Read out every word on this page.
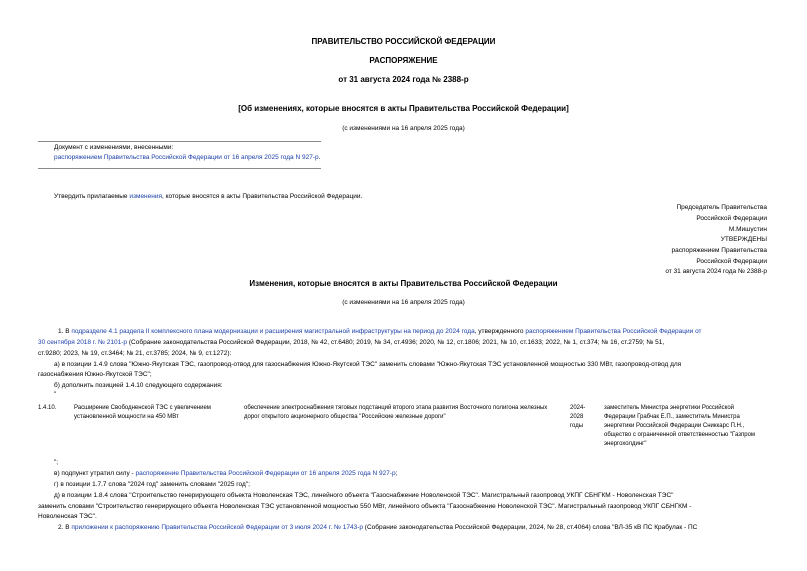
ПРАВИТЕЛЬСТВО РОССИЙСКОЙ ФЕДЕРАЦИИ
РАСПОРЯЖЕНИЕ
от 31 августа 2024 года № 2388-р
[Об изменениях, которые вносятся в акты Правительства Российской Федерации]
(с изменениями на 16 апреля 2025 года)
Документ с изменениями, внесенными:
распоряжением Правительства Российской Федерации от 16 апреля 2025 года N 927-р.
Утвердить прилагаемые изменения, которые вносятся в акты Правительства Российской Федерации.
Председатель Правительства
Российской Федерации
М.Мишустин
УТВЕРЖДЕНЫ
распоряжением Правительства
Российской Федерации
от 31 августа 2024 года № 2388-р
Изменения, которые вносятся в акты Правительства Российской Федерации
(с изменениями на 16 апреля 2025 года)
1. В подразделе 4.1 раздела II комплексного плана модернизации и расширения магистральной инфраструктуры на период до 2024 года, утвержденного распоряжением Правительства Российской Федерации от
30 сентября 2018 г. № 2101-р (Собрание законодательства Российской Федерации, 2018, № 42, ст.6480; 2019, № 34, ст.4936; 2020, № 12, ст.1806; 2021, № 10, ст.1633; 2022, № 1, ст.374; № 16, ст.2759; № 51,
ст.9280; 2023, № 19, ст.3464; № 21, ст.3785; 2024, № 9, ст.1272):
а) в позиции 1.4.9 слова "Южно-Якутская ТЭС, газопровод-отвод для газоснабжения Южно-Якутской ТЭС" заменить словами "Южно-Якутская ТЭС установленной мощностью 330 МВт, газопровод-отвод для
газоснабжения Южно-Якутской ТЭС";
б) дополнить позицией 1.4.10 следующего содержания:
"
1.4.10.	Расширение Свободненской ТЭС с увеличением установленной мощности на 450 МВт
обеспечение электроснабжения тяговых подстанций второго этапа развития Восточного полигона железных дорог открытого акционерного общества "Российские железные дороги"
2024-2028 годы
заместитель Министра энергетики Российской Федерации Грабчак Е.П., заместитель Министра энергетики Российской Федерации Сниккарс П.Н., общество с ограниченной ответственностью "Газпром энергохолдинг"
";
в) подпункт утратил силу - распоряжение Правительства Российской Федерации от 16 апреля 2025 года N 927-р;
г) в позиции 1.7.7 слова "2024 год" заменить словами "2025 год";
д) в позиции 1.8.4 слова "Строительство генерирующего объекта Новоленская ТЭС, линейного объекта "Газоснабжение Новоленской ТЭС". Магистральный газопровод УКПГ СБНГКМ - Новоленская ТЭС"
заменить словами "Строительство генерирующего объекта Новоленская ТЭС установленной мощностью 550 МВт, линейного объекта "Газоснабжение Новоленской ТЭС". Магистральный газопровод УКПГ СБНГКМ -
Новоленская ТЭС".
2. В приложении к распоряжению Правительства Российской Федерации от 3 июля 2024 г. № 1743-р (Собрание законодательства Российской Федерации, 2024, № 28, ст.4064) слова "ВЛ-35 кВ ПС Крабулак - ПС
